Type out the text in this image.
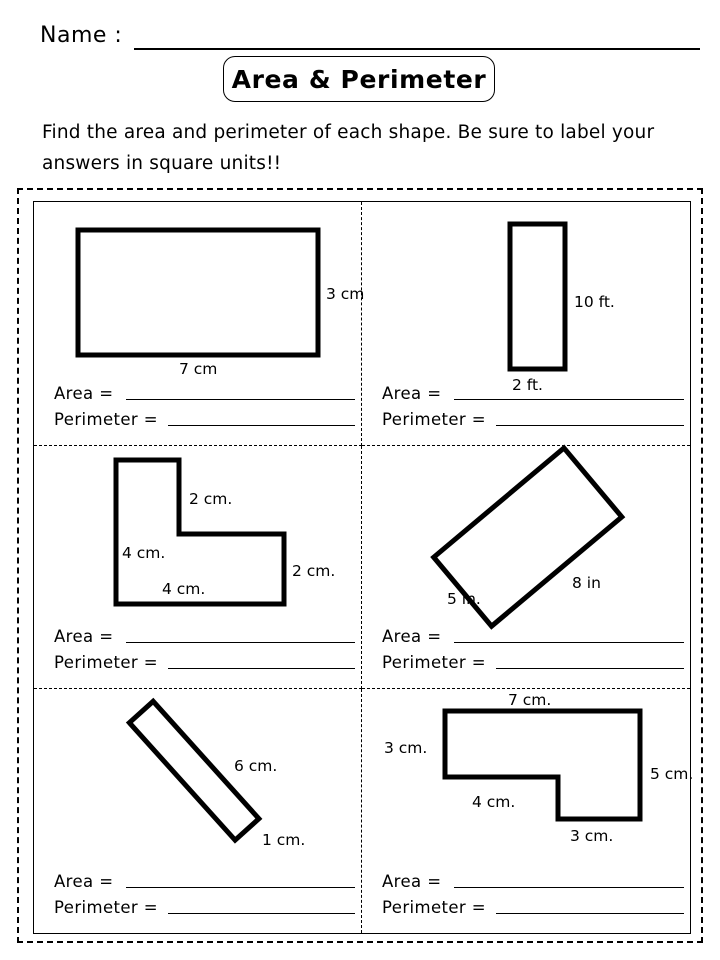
Name :
Area & Perimeter
Find the area and perimeter of each shape. Be sure to label your answers in square units!!
3 cm
7 cm
Area =
Perimeter =
10 ft.
2 ft.
Area =
Perimeter =
2 cm.
4 cm.
4 cm.
2 cm.
Area =
Perimeter =
8 in
5 in.
Area =
Perimeter =
6 cm.
1 cm.
Area =
Perimeter =
7 cm.
3 cm.
5 cm.
4 cm.
3 cm.
Area =
Perimeter =
